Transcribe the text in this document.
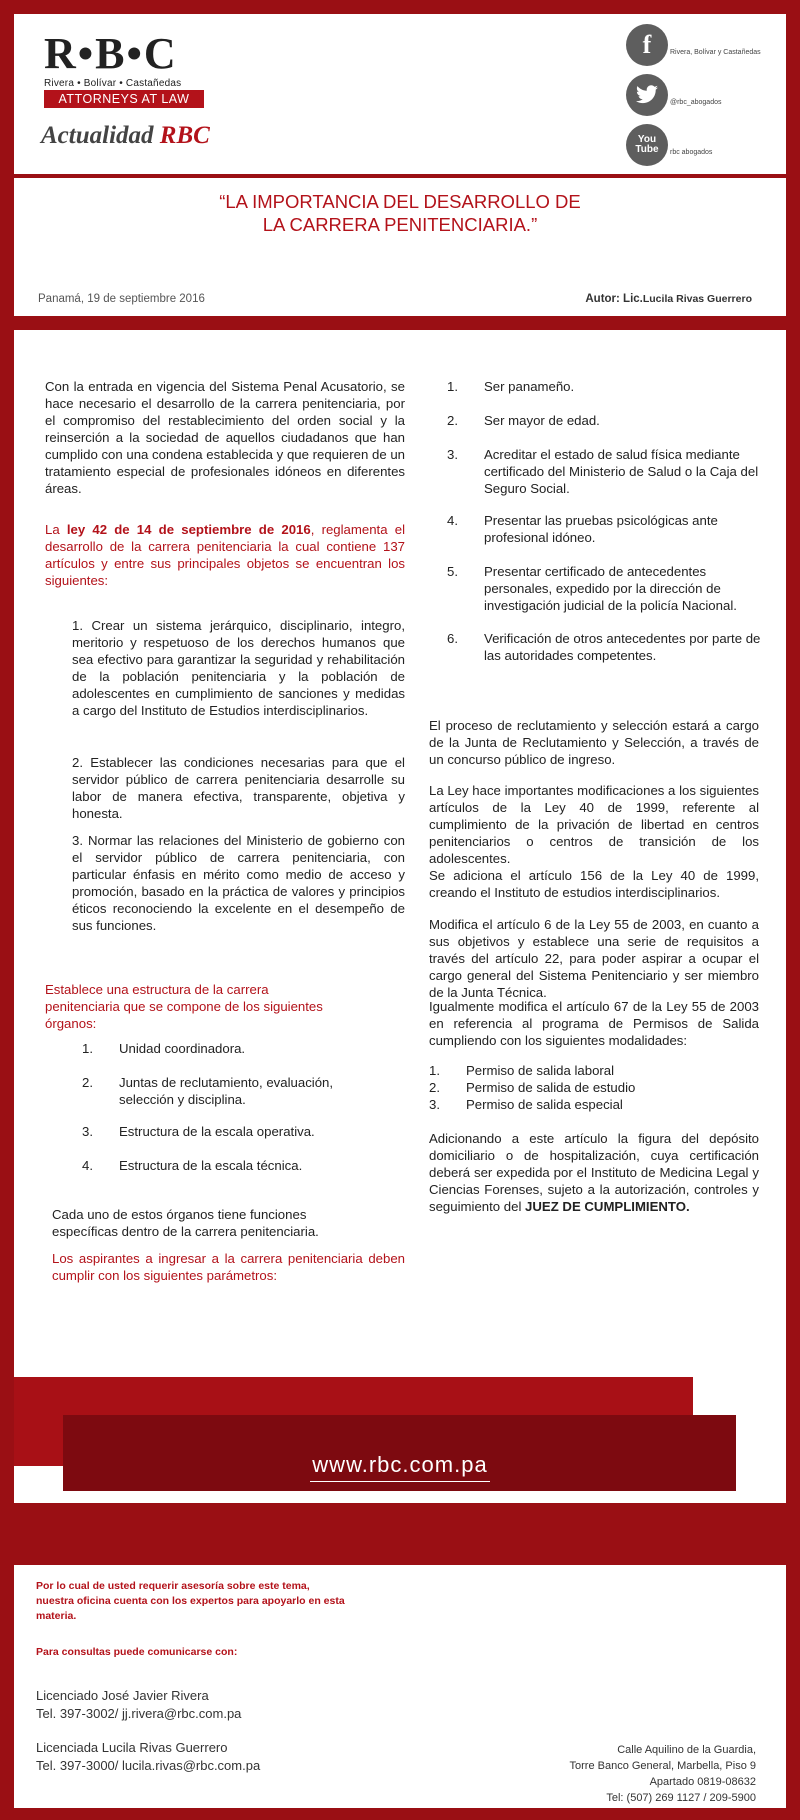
R•B•C
Rivera • Bolívar • Castañedas
ATTORNEYS AT LAW
Actualidad RBC
f	Rivera, Bolívar y Castañedas
@rbc_abogados
You Tube	rbc abogados
“LA IMPORTANCIA DEL DESARROLLO DE
LA CARRERA PENITENCIARIA.”
Panamá, 19 de septiembre 2016	Autor: Lic.Lucila Rivas Guerrero
Con la entrada en vigencia del Sistema Penal Acusatorio, se hace necesario el desarrollo de la carrera penitenciaria, por el compromiso del restablecimiento del orden social y la reinserción a la sociedad de aquellos ciudadanos que han cumplido con una condena establecida y que requieren de un tratamiento especial de profesionales idóneos en diferentes áreas.
La ley 42 de 14 de septiembre de 2016, reglamenta el desarrollo de la carrera penitenciaria la cual contiene 137 artículos y entre sus principales objetos se encuentran los siguientes:
1. Crear un sistema jerárquico, disciplinario, integro, meritorio y respetuoso de los derechos humanos que sea efectivo para garantizar la seguridad y rehabilitación de la población penitenciaria y la población de adolescentes en cumplimiento de sanciones y medidas a cargo del Instituto de Estudios interdisciplinarios.
2. Establecer las condiciones necesarias para que el servidor público de carrera penitenciaria desarrolle su labor de manera efectiva, transparente, objetiva y honesta.
3. Normar las relaciones del Ministerio de gobierno con el servidor público de carrera penitenciaria, con particular énfasis en mérito como medio de acceso y promoción, basado en la práctica de valores y principios éticos reconociendo la excelente en el desempeño de sus funciones.
Establece una estructura de la carrera penitenciaria que se compone de los siguientes órganos:
1. Unidad coordinadora.
2. Juntas de reclutamiento, evaluación, selección y disciplina.
3. Estructura de la escala operativa.
4. Estructura de la escala técnica.
Cada uno de estos órganos tiene funciones específicas dentro de la carrera penitenciaria.
Los aspirantes a ingresar a la carrera penitenciaria deben cumplir con los siguientes parámetros:
1. Ser panameño.
2. Ser mayor de edad.
3. Acreditar el estado de salud física mediante certificado del Ministerio de Salud o la Caja del Seguro Social.
4. Presentar las pruebas psicológicas ante profesional idóneo.
5. Presentar certificado de antecedentes personales, expedido por la dirección de investigación judicial de la policía Nacional.
6. Verificación de otros antecedentes por parte de las autoridades competentes.
El proceso de reclutamiento y selección estará a cargo de la Junta de Reclutamiento y Selección, a través de un concurso público de ingreso.
La Ley hace importantes modificaciones a los siguientes artículos de la Ley 40 de 1999, referente al cumplimiento de la privación de libertad en centros penitenciarios o centros de transición de los adolescentes.
Se adiciona el artículo 156 de la Ley 40 de 1999, creando el Instituto de estudios interdisciplinarios.
Modifica el artículo 6 de la Ley 55 de 2003, en cuanto a sus objetivos y establece una serie de requisitos a través del artículo 22, para poder aspirar a ocupar el cargo general del Sistema Penitenciario y ser miembro de la Junta Técnica.
Igualmente modifica el artículo 67 de la Ley 55 de 2003 en referencia al programa de Permisos de Salida cumpliendo con los siguientes modalidades:
1. Permiso de salida laboral
2. Permiso de salida de estudio
3. Permiso de salida especial
Adicionando a este artículo la figura del depósito domiciliario o de hospitalización, cuya certificación deberá ser expedida por el Instituto de Medicina Legal y Ciencias Forenses, sujeto a la autorización, controles y seguimiento del JUEZ DE CUMPLIMIENTO.
www.rbc.com.pa
Por lo cual de usted requerir asesoría sobre este tema,
nuestra oficina cuenta con los expertos para apoyarlo en esta
materia.
Para consultas puede comunicarse con:
Licenciado José Javier Rivera
Tel. 397-3002/ jj.rivera@rbc.com.pa
Licenciada Lucila Rivas Guerrero
Tel. 397-3000/ lucila.rivas@rbc.com.pa
Calle Aquilino de la Guardia,
Torre Banco General, Marbella, Piso 9
Apartado 0819-08632
Tel: (507) 269 1127 / 209-5900
